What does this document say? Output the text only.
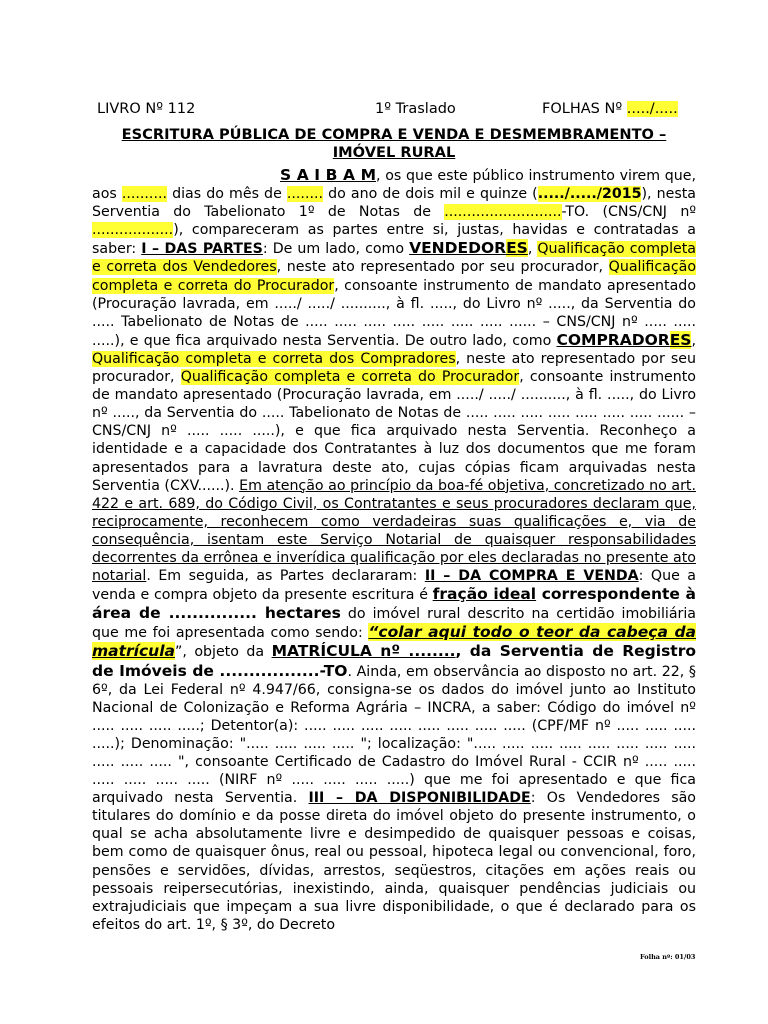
LIVRO Nº 112	1º Traslado	FOLHAS Nº ...../.....
ESCRITURA PÚBLICA DE COMPRA E VENDA E DESMEMBRAMENTO – IMÓVEL RURAL
S A I B A M, os que este público instrumento virem que, aos .......... dias do mês de ........ do ano de dois mil e quinze (...../...../2015), nesta Serventia do Tabelionato 1º de Notas de ..........................-TO. (CNS/CNJ nº ..................), compareceram as partes entre si, justas, havidas e contratadas a saber: I – DAS PARTES: De um lado, como VENDEDORES, Qualificação completa e correta dos Vendedores, neste ato representado por seu procurador, Qualificação completa e correta do Procurador, consoante instrumento de mandato apresentado (Procuração lavrada, em ...../ ...../ .........., à fl. ....., do Livro nº ....., da Serventia do ..... Tabelionato de Notas de ..... ..... ..... ..... ..... ..... ..... ...... – CNS/CNJ nº ..... ..... .....), e que fica arquivado nesta Serventia. De outro lado, como COMPRADORES, Qualificação completa e correta dos Compradores, neste ato representado por seu procurador, Qualificação completa e correta do Procurador, consoante instrumento de mandato apresentado (Procuração lavrada, em ...../ ...../ .........., à fl. ....., do Livro nº ....., da Serventia do ..... Tabelionato de Notas de ..... ..... ..... ..... ..... ..... ..... ...... – CNS/CNJ nº ..... ..... .....), e que fica arquivado nesta Serventia. Reconheço a identidade e a capacidade dos Contratantes à luz dos documentos que me foram apresentados para a lavratura deste ato, cujas cópias ficam arquivadas nesta Serventia (CXV......). Em atenção ao princípio da boa-fé objetiva, concretizado no art. 422 e art. 689, do Código Civil, os Contratantes e seus procuradores declaram que, reciprocamente, reconhecem como verdadeiras suas qualificações e, via de consequência, isentam este Serviço Notarial de quaisquer responsabilidades decorrentes da errônea e inverídica qualificação por eles declaradas no presente ato notarial. Em seguida, as Partes declararam: II – DA COMPRA E VENDA: Que a venda e compra objeto da presente escritura é fração ideal correspondente à área de ............... hectares do imóvel rural descrito na certidão imobiliária que me foi apresentada como sendo: “colar aqui todo o teor da cabeça da matrícula”, objeto da MATRÍCULA nº ........, da Serventia de Registro de Imóveis de .................-TO. Ainda, em observância ao disposto no art. 22, § 6º, da Lei Federal nº 4.947/66, consigna-se os dados do imóvel junto ao Instituto Nacional de Colonização e Reforma Agrária – INCRA, a saber: Código do imóvel nº ..... ..... ..... .....; Detentor(a): ..... ..... ..... ..... ..... ..... ..... ..... (CPF/MF nº ..... ..... ..... .....); Denominação: "..... ..... ..... ..... "; localização: "..... ..... ..... ..... ..... ..... ..... ..... ..... ..... ..... ", consoante Certificado de Cadastro do Imóvel Rural - CCIR nº ..... ..... ..... ..... ..... ..... (NIRF nº ..... ..... ..... .....) que me foi apresentado e que fica arquivado nesta Serventia. III – DA DISPONIBILIDADE: Os Vendedores são titulares do domínio e da posse direta do imóvel objeto do presente instrumento, o qual se acha absolutamente livre e desimpedido de quaisquer pessoas e coisas, bem como de quaisquer ônus, real ou pessoal, hipoteca legal ou convencional, foro, pensões e servidões, dívidas, arrestos, seqüestros, citações em ações reais ou pessoais reipersecutórias, inexistindo, ainda, quaisquer pendências judiciais ou extrajudiciais que impeçam a sua livre disponibilidade, o que é declarado para os efeitos do art. 1º, § 3º, do Decreto
Folha nº: 01/03
